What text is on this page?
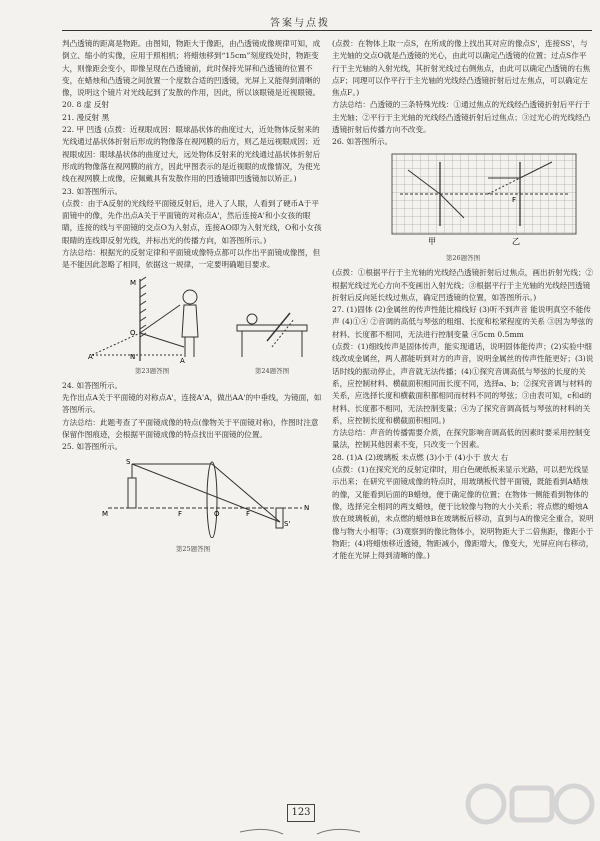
答案与点拨

判凸透镜的距离是物距。由图知，物距大于像距，由凸透镜成像规律可知，成倒立、缩小的实像，应用于照相机；将蜡烛移到“15cm”刻度线处时，物距变大，则像距会变小，即像呈现在凸透镜前，此时保持光屏和凸透镜的位置不变，在蜡烛和凸透镜之间放置一个度数合适的凹透镜，光屏上又能得到清晰的像，说明这个镜片对光线起到了发散的作用，因此，所以该眼镜是近视眼镜。

20. 8 虚 反射

21. 漫反射 黑

22. 甲 凹透 (点拨：近视眼成因：眼球晶状体的曲度过大，近处物体反射来的光线通过晶状体折射后形成的物像落在视网膜的后方，则乙是远视眼成因；近视眼成因：眼球晶状体的曲度过大，远处物体反射来的光线通过晶状体折射后形成的物像落在视网膜的前方，因此甲图表示的是近视眼的成像情况，为使光线在视网膜上成像，应佩戴具有发散作用的凹透镜即凹透镜加以矫正。)

23. 如答图所示。

(点拨：由于A反射的光线经平面镜反射后，进入了人眼，人看到了硬币A于平面镜中的像，先作出点A关于平面镜的对称点A'，然后连接A'和小女孩的眼睛，连接的线与平面镜的交点O为入射点，连接AO即为入射光线，O和小女孩眼睛的连线即反射光线，并标出光的传播方向，如答图所示。)

方法总结：根据光的反射定律和平面镜成像特点都可以作出平面镜成像图，但是不能因此忽略了相同，依据这一规律，一定要明确题目要求。

A'	A
O
M
N
第23题答图	第24题答图

24. 如答图所示。

先作出点A关于平面镜的对称点A'，连接A'A，做出AA'的中垂线，为镜面，如答图所示。

方法总结：此题考查了平面镜成像的特点(像物关于平面镜对称)，作图时注意保留作图痕迹，会根据平面镜成像的特点找出平面镜的位置。

25. 如答图所示。

S
O
F	F
S'
M
N
第25题答图

(点拨：在物体上取一点S，在所成的像上找出其对应的像点S'，连接SS'，与主光轴的交点O就是凸透镜的光心，由此可以确定凸透镜的位置；过点S作平行于主光轴的入射光线，其折射光线过右侧焦点，由此可以确定凸透镜的右焦点F；同理可以作平行于主光轴的光线经凸透镜折射后过左焦点，可以确定左焦点F。)

方法总结：凸透镜的三条特殊光线：①通过焦点的光线经凸透镜折射后平行于主光轴；②平行于主光轴的光线经凸透镜折射后过焦点；③过光心的光线经凸透镜折射后传播方向不改变。

26. 如答图所示。

F
甲	乙
第26题答图

(点拨：①根据平行于主光轴的光线经凸透镜折射后过焦点，画出折射光线；②根据光线过光心方向不变画出入射光线；③根据平行于主光轴的光线经凹透镜折射后反向延长线过焦点，确定凹透镜的位置，如答图所示。)

27. (1)固体 (2)金属丝的传声性能比棉线好 (3)听不到声音 能说明真空不能传声 (4)①④ ②音调的高低与琴弦的粗细、长度和松紧程度的关系 ③因为琴弦的材料、长度都不相同，无法进行控制变量 ④5cm 0.5mm

(点拨：(1)细线传声是固体传声，能实现通话，说明固体能传声；(2)实验中细线改成金属丝，两人都能听到对方的声音，说明金属丝的传声性能更好；(3)说话时线的振动停止，声音就无法传播；(4)①探究音调高低与琴弦的长度的关系，应控制材料、横截面积相同而长度不同，选择a、b；②探究音调与材料的关系，应选择长度和横截面积都相同而材料不同的琴弦；③由表可知，c和d的材料、长度都不相同，无法控制变量；④为了探究音调高低与琴弦的材料的关系，应控制长度和横截面积相同。)

方法总结：声音的传播需要介质，在探究影响音调高低的因素时要采用控制变量法，控制其他因素不变，只改变一个因素。

28. (1)A (2)玻璃板 未点燃 (3)小于 (4)小于 放大 右

(点拨：(1)在探究光的反射定律时，用白色硬纸板来显示光路，可以把光线显示出来；在研究平面镜成像的特点时，用玻璃板代替平面镜，既能看到A蜡烛的像，又能看到后面的B蜡烛，便于确定像的位置；在物体一侧能看到物体的像，选择完全相同的两支蜡烛，便于比较像与物的大小关系；将点燃的蜡烛A放在玻璃板前，未点燃的蜡烛B在玻璃板后移动，直到与A的像完全重合，说明像与物大小相等；(3)观察到的像比物体小，说明物距大于二倍焦距，像距小于物距；(4)将蜡烛移近透镜，物距减小，像距增大，像变大，光屏应向右移动，才能在光屏上得到清晰的像。)

123
